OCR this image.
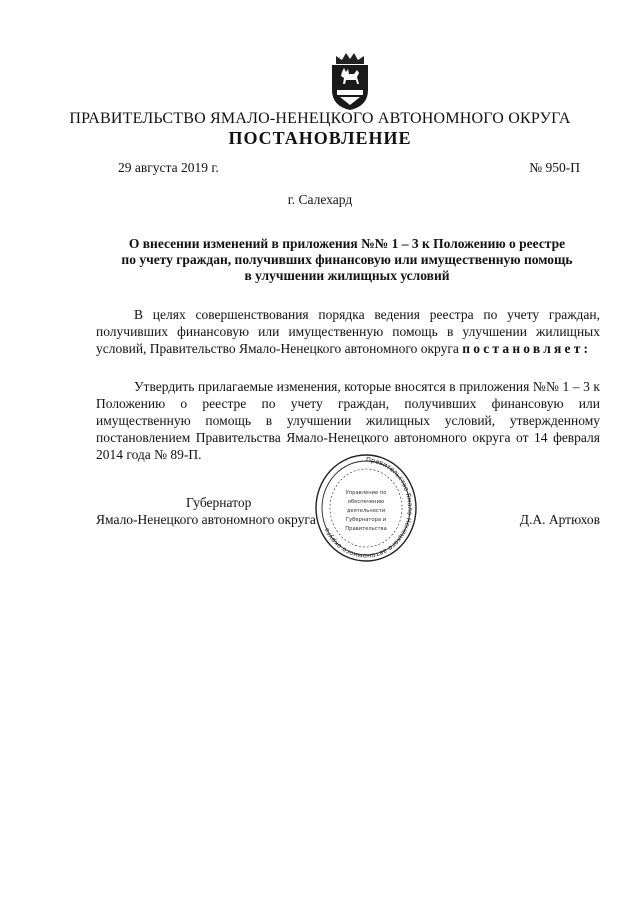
ПРАВИТЕЛЬСТВО ЯМАЛО-НЕНЕЦКОГО АВТОНОМНОГО ОКРУГА
ПОСТАНОВЛЕНИЕ
29 августа 2019 г.	№ 950-П
г. Салехард
О внесении изменений в приложения №№ 1 – 3 к Положению о реестре
по учету граждан, получивших финансовую или имущественную помощь
в улучшении жилищных условий

В целях совершенствования порядка ведения реестра по учету граждан, получивших финансовую или имущественную помощь в улучшении жилищных условий, Правительство Ямало-Ненецкого автономного округа постановляет:

Утвердить прилагаемые изменения, которые вносятся в приложения №№ 1 – 3 к Положению о реестре по учету граждан, получивших финансовую или имущественную помощь в улучшении жилищных условий, утвержденному постановлением Правительства Ямало-Ненецкого автономного округа от 14 февраля 2014 года № 89-П.

Губернатор
Ямало-Ненецкого автономного округа	Д.А. Артюхов
Правительство Ямало-Ненецкого автономного округа
Управление по
обеспечению
деятельности
Губернатора и
Правительства
